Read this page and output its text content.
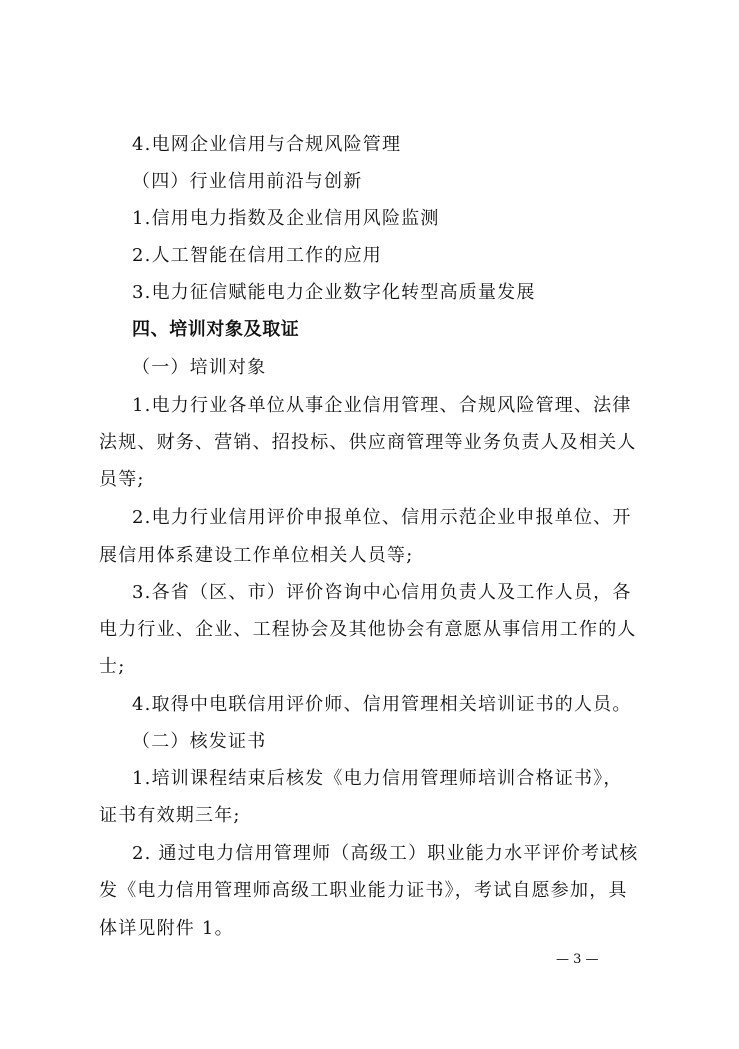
4.电网企业信用与合规风险管理
（四）行业信用前沿与创新
1.信用电力指数及企业信用风险监测
2.人工智能在信用工作的应用
3.电力征信赋能电力企业数字化转型高质量发展
四、培训对象及取证
（一）培训对象
1.电力行业各单位从事企业信用管理、合规风险管理、法律
法规、财务、营销、招投标、供应商管理等业务负责人及相关人
员等;
2.电力行业信用评价申报单位、信用示范企业申报单位、开
展信用体系建设工作单位相关人员等;
3.各省（区、市）评价咨询中心信用负责人及工作人员，各
电力行业、企业、工程协会及其他协会有意愿从事信用工作的人
士;
4.取得中电联信用评价师、信用管理相关培训证书的人员。
（二）核发证书
1.培训课程结束后核发《电力信用管理师培训合格证书》，
证书有效期三年;
2. 通过电力信用管理师（高级工）职业能力水平评价考试核
发《电力信用管理师高级工职业能力证书》，考试自愿参加，具
体详见附件 1。
— 3 —
